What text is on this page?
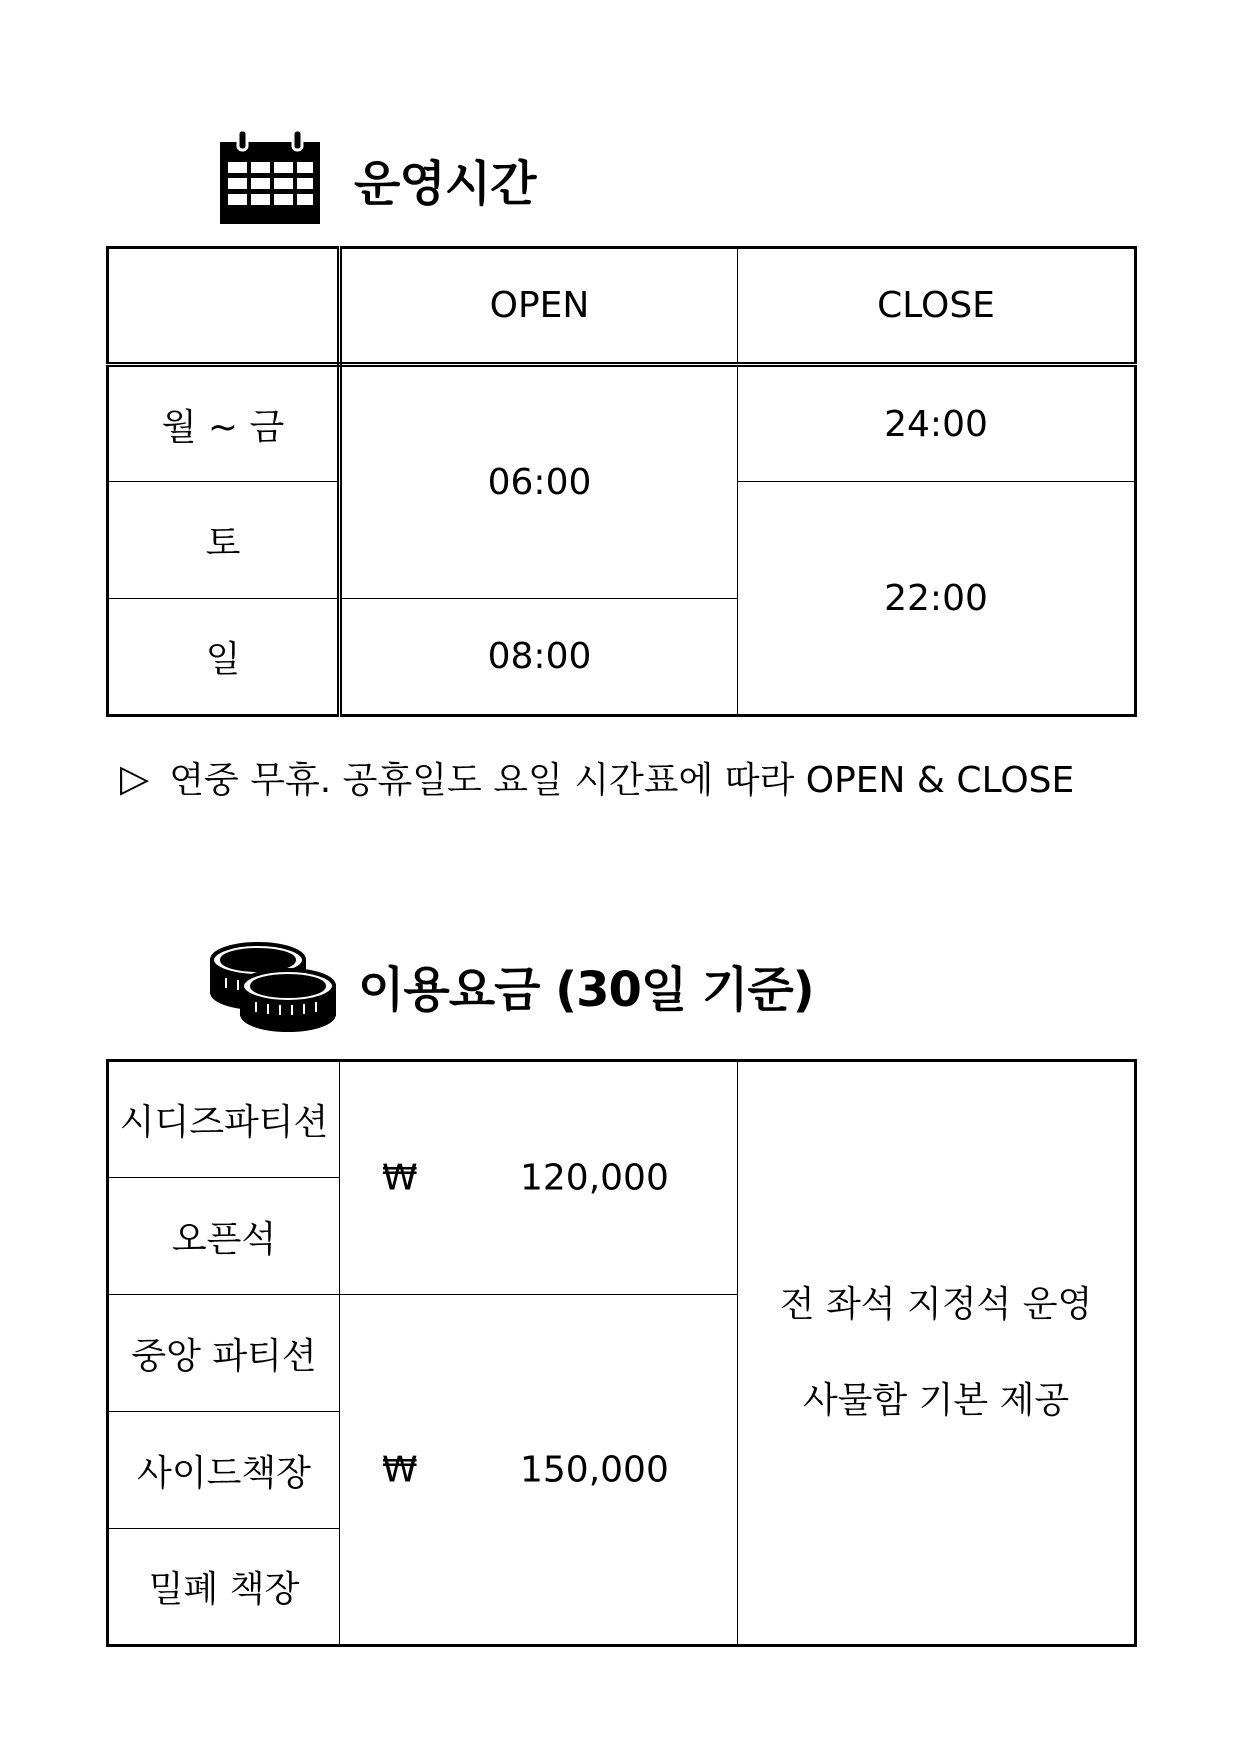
운영시간
	OPEN	CLOSE
월 ~ 금	06:00	24:00
토		22:00
일	08:00	
▷ 연중 무휴. 공휴일도 요일 시간표에 따라 OPEN & CLOSE
이용요금 (30일 기준)
시디즈파티션	₩ 120,000	전 좌석 지정석 운영
사물함 기본 제공

오픈석		
중앙 파티션	₩ 150,000	

사이드책장		
밀폐 책장		
